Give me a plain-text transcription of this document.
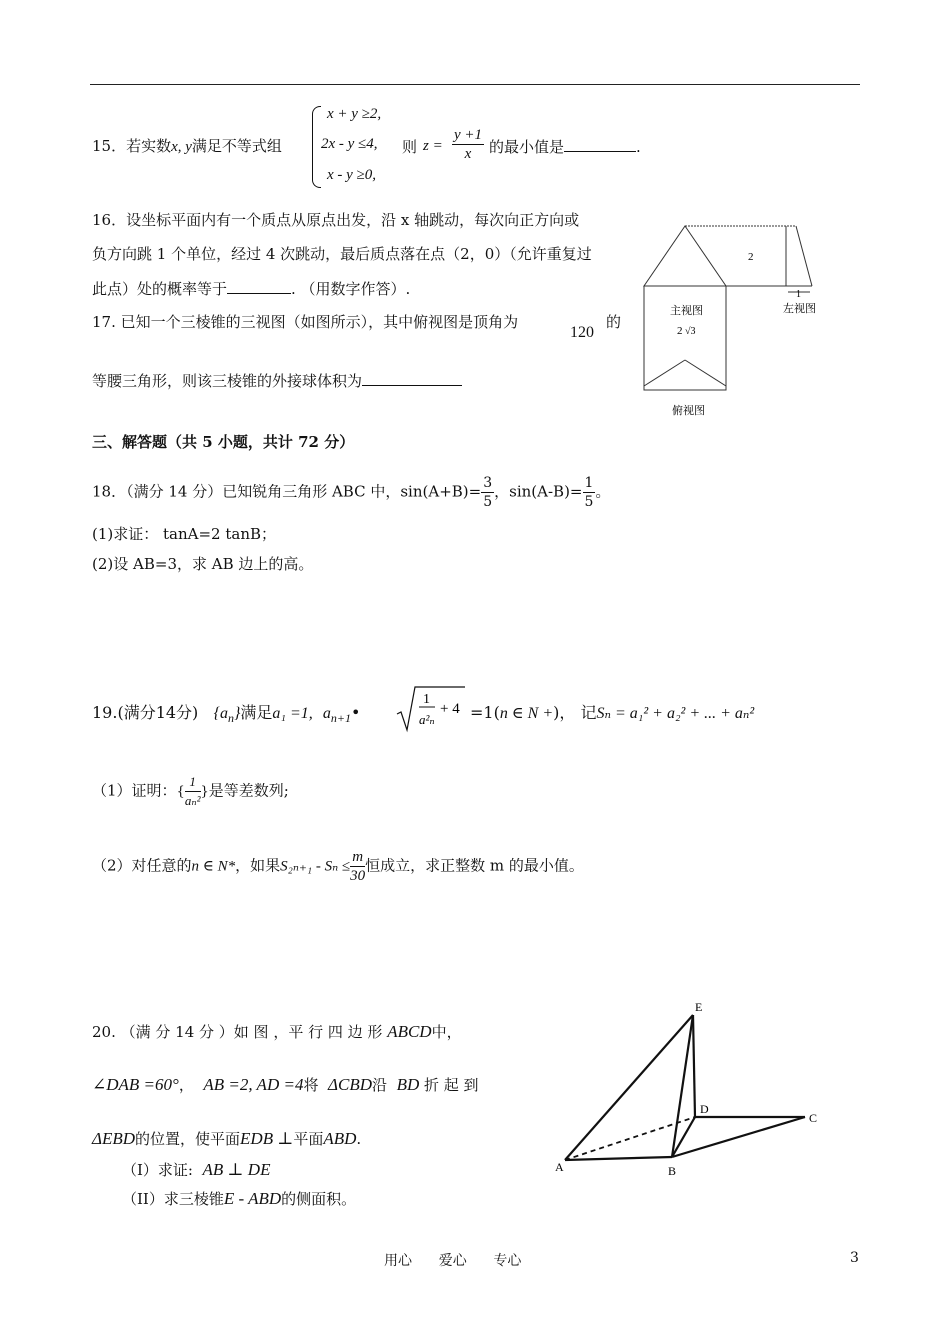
15．若实数x, y满足不等式组
x + y ≥2,
2x - y ≤4,
x - y ≥0,
则 $z = \frac{y +1}{x}$ 的最小值是	.
16．设坐标平面内有一个质点从原点出发，沿 x 轴跳动，每次向正方向或
负方向跳 1 个单位，经过 4 次跳动，最后质点落在点（2，0）（允许重复过
此点）处的概率等于	. （用数字作答）.
17. 已知一个三棱锥的三视图（如图所示），其中俯视图是顶角为
120
的
等腰三角形，则该三棱锥的外接球体积为
2
主视图
2 √3
1
左视图
俯视图
三、解答题（共 5 小题，共计 72 分）
18．（满分 14 分）已知锐角三角形 ABC 中，$\sin(A+B)= \frac{3}{5}$ ，$\sin(A-B)= \frac{1}{5}$ 。
(1)求证： tanA=2 tanB；
(2)设 AB=3，求 AB 边上的高。
19.(满分14分) $\{a_n\}$满足a₁ =1, $a_{n+1}•$
1
a²ₙ
+ 4 =1(n ∈ N +)， 记Sₙ = a₁² + a₂² + ... + aₙ²
（1）证明：{ $\frac{1}{\text{aₙ²}}$ }是等差数列;
（2）对任意的n ∈ N*，如果$S_{2n+1} - S_n \le \frac{m}{30}$ 恒成立，求正整数 m 的最小值。
20. （满 分 14 分 ）如 图 ，平 行 四 边 形 ABCD中，
∠DAB =60°， AB =2, AD =4将 ΔCBD沿 BD 折 起 到
ΔEBD的位置，使平面EDB ⊥平面ABD.
（I）求证: AB ⊥ DE
（II）求三棱锥E - ABD的侧面积。
E
D
C
A	B
用心 爱心 专心	3
